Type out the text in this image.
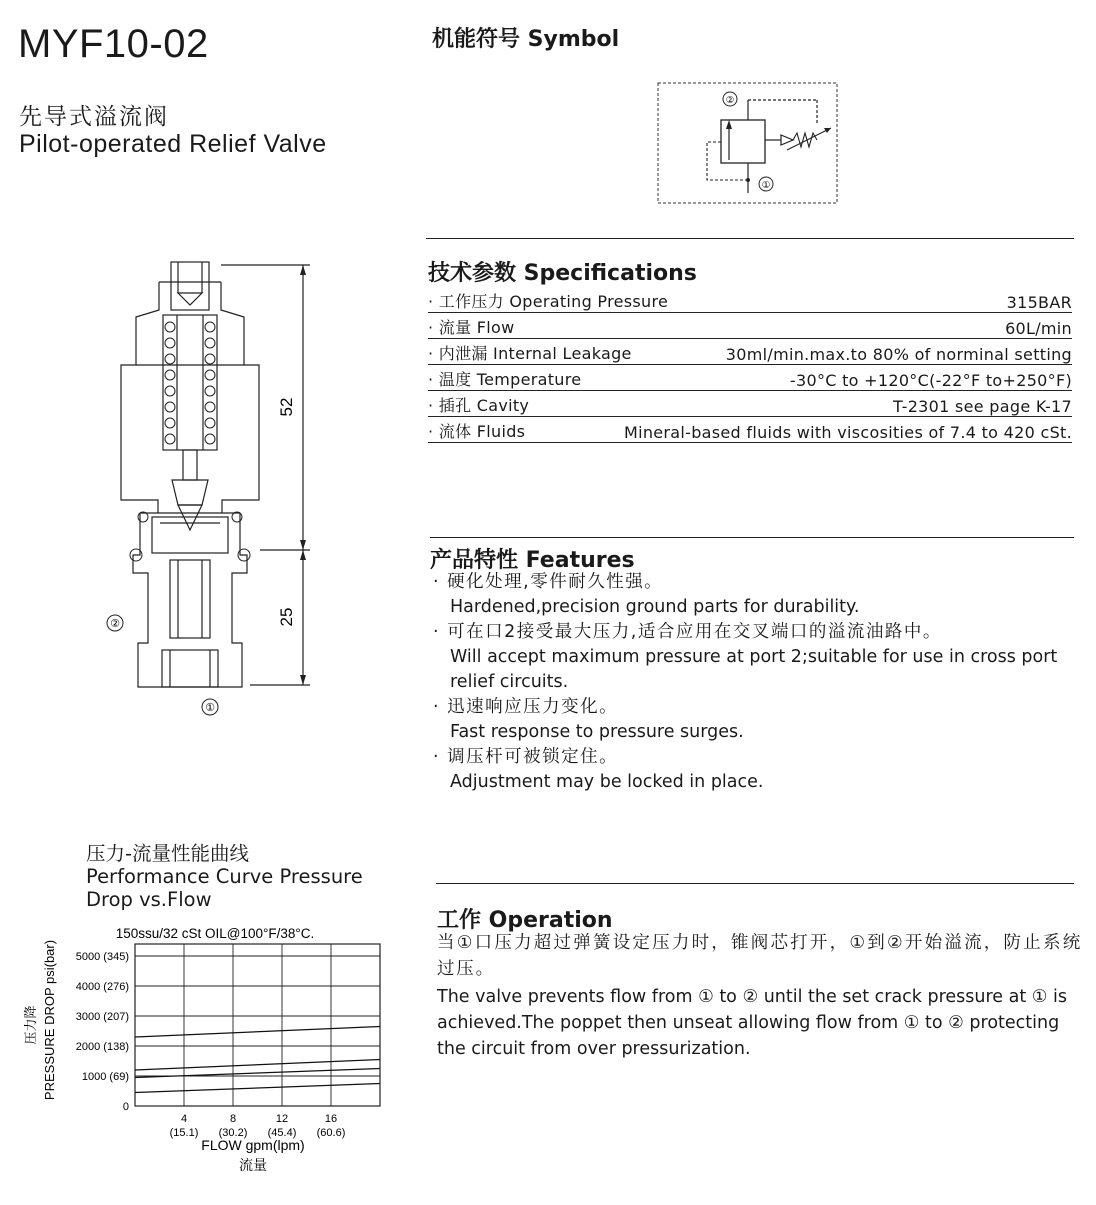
MYF10-02
先导式溢流阀
Pilot-operated Relief Valve
机能符号 Symbol
②
①
52
25
②
①
技术参数 Specifications
· 工作压力 Operating Pressure	315BAR
· 流量 Flow	60L/min
· 内泄漏 Internal Leakage	30ml/min.max.to 80% of norminal setting
· 温度 Temperature	-30°C to +120°C(-22°F to+250°F)
· 插孔 Cavity	T-2301 see page K-17
· 流体 Fluids	Mineral-based fluids with viscosities of 7.4 to 420 cSt.
产品特性 Features
· 硬化处理,零件耐久性强。
Hardened,precision ground parts for durability.
· 可在口2接受最大压力,适合应用在交叉端口的溢流油路中。
Will accept maximum pressure at port 2;suitable for use in cross port relief circuits.
· 迅速响应压力变化。
Fast response to pressure surges.
· 调压杆可被锁定住。
Adjustment may be locked in place.
工作 Operation
当①口压力超过弹簧设定压力时，锥阀芯打开，①到②开始溢流，防止系统过压。
The valve prevents flow from ① to ② until the set crack pressure at ① is achieved.The poppet then unseat allowing flow from ① to ② protecting the circuit from over pressurization.
压力-流量性能曲线
Performance Curve Pressure
Drop vs.Flow
150ssu/32 cSt OIL@100°F/38°C.
1000 (69)
2000 (138)
3000 (207)
4000 (276)
5000 (345)
0
4
(15.1)
8
(30.2)
12
(45.4)
16
(60.6)
PRESSURE DROP psi(bar)
压力降
FLOW gpm(lpm)
流量
